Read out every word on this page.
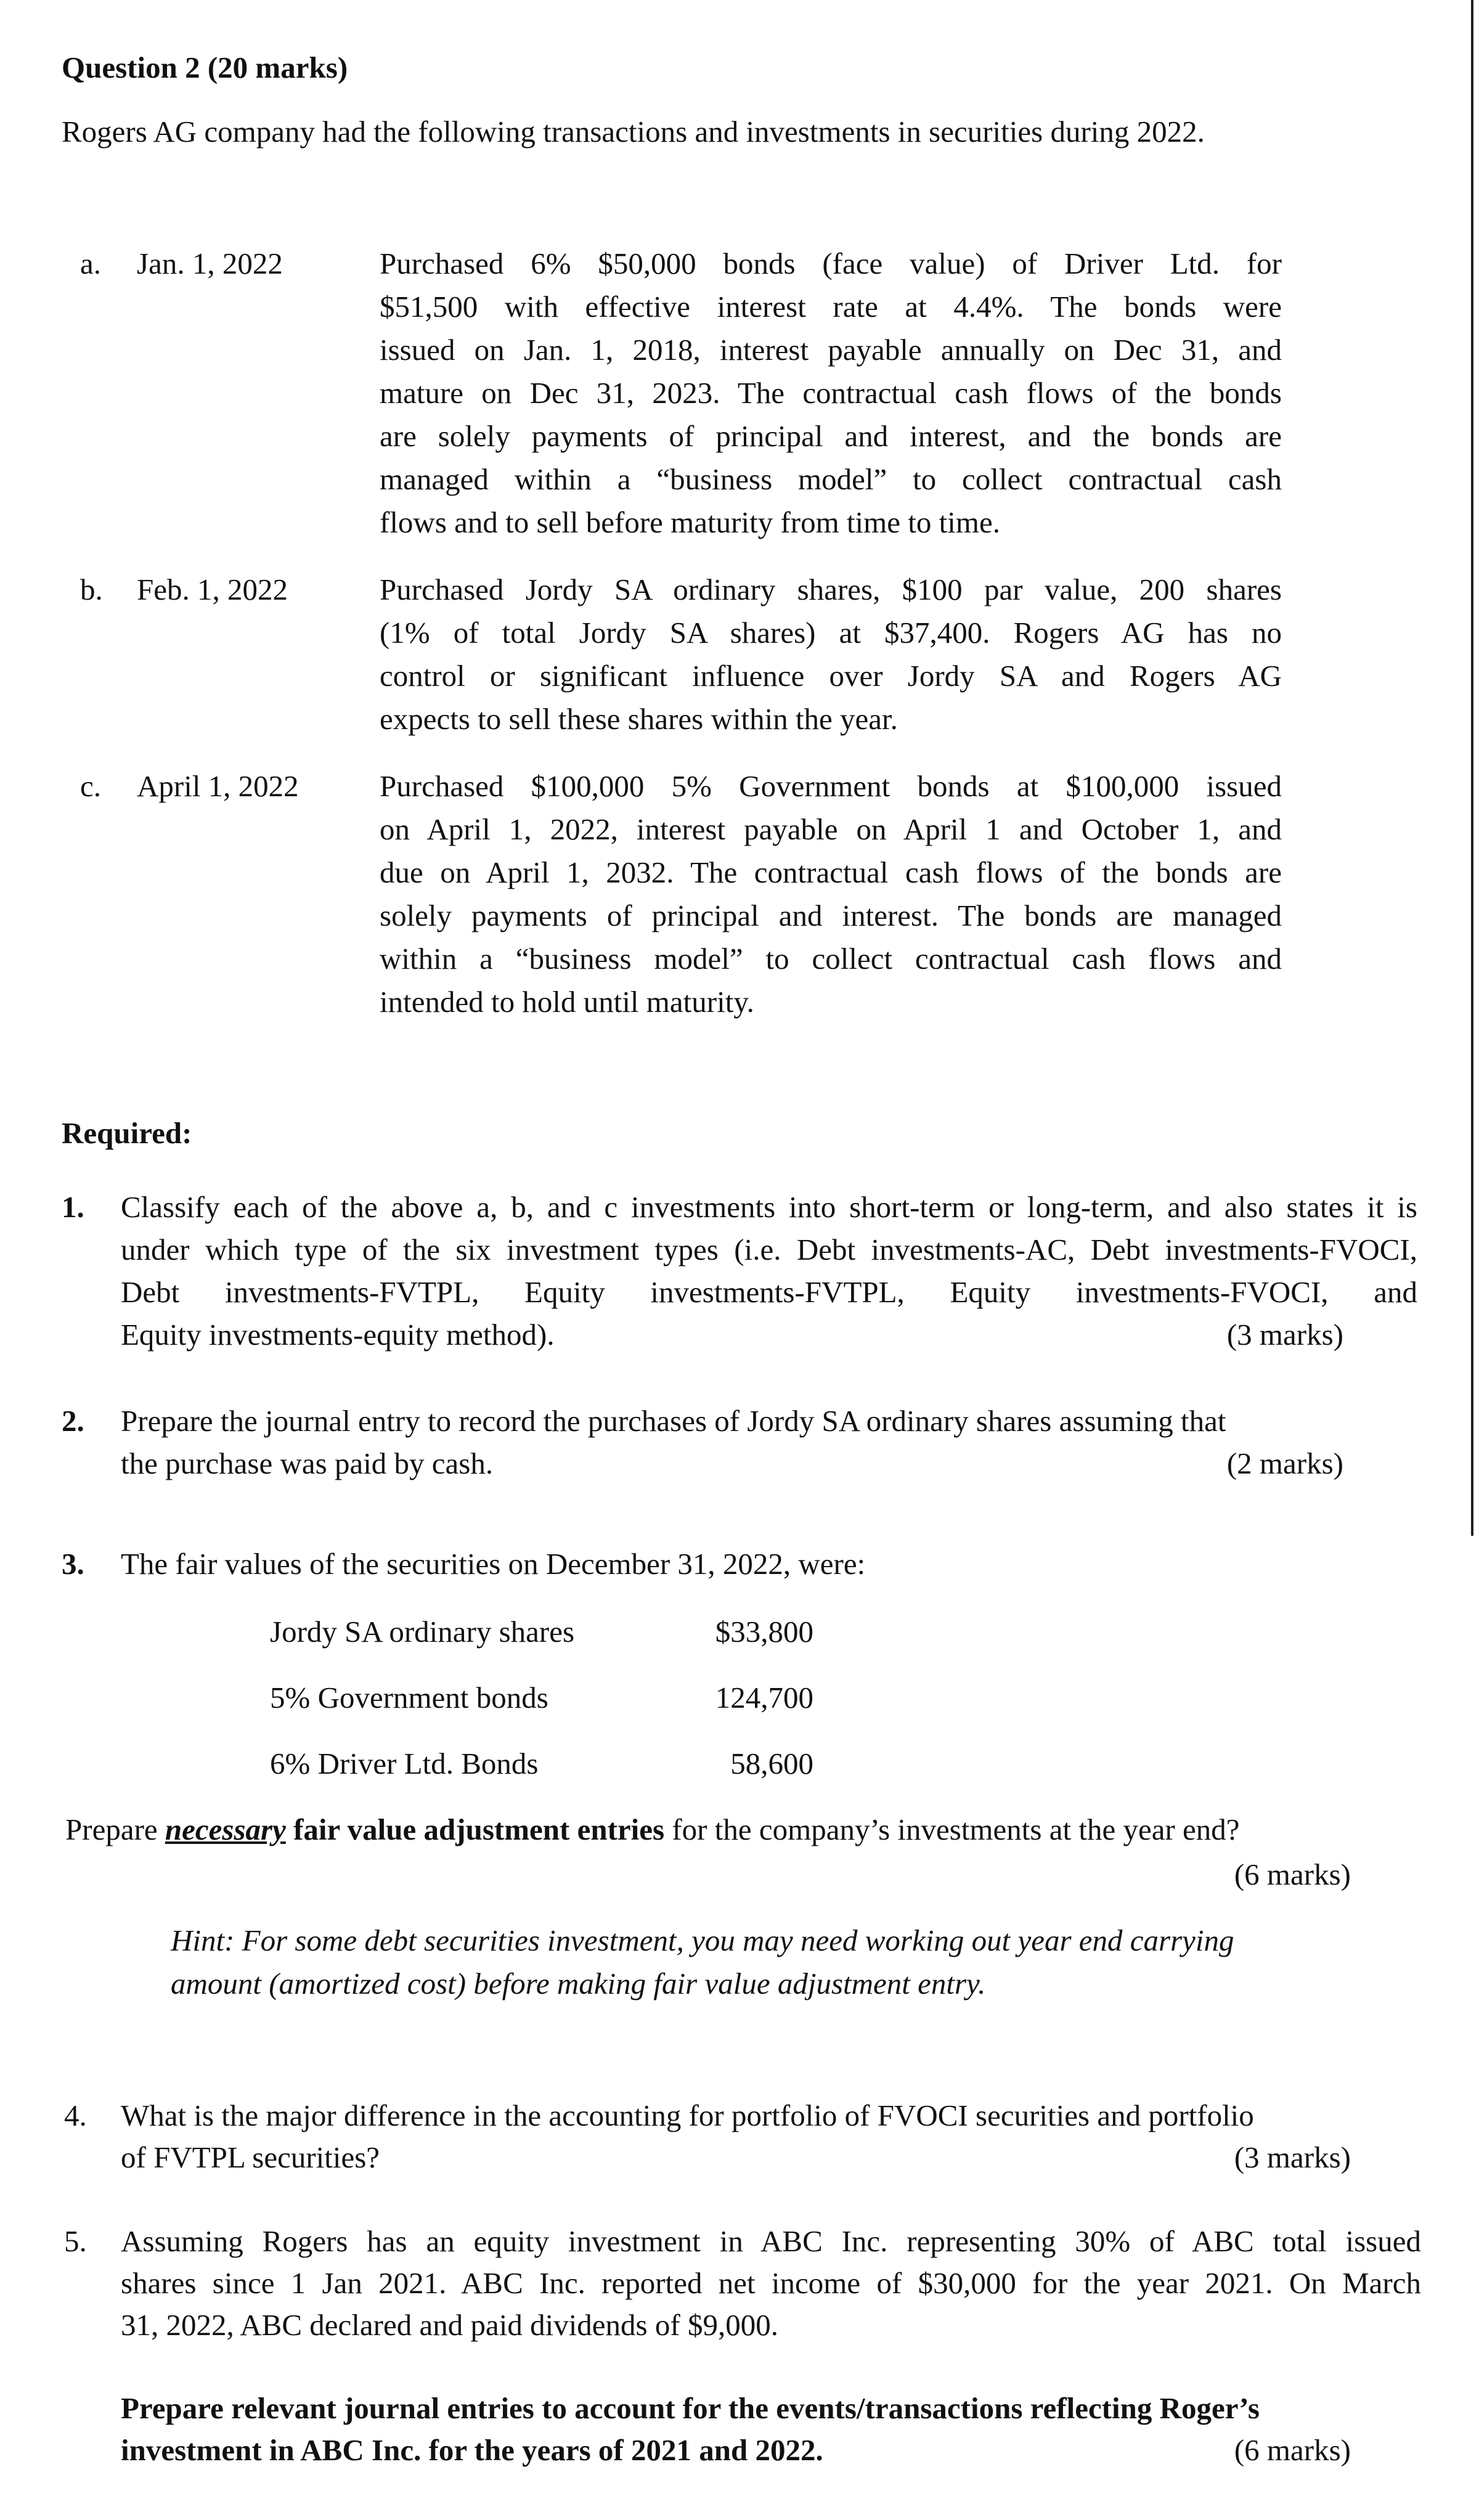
Question 2 (20 marks)
Rogers AG company had the following transactions and investments in securities during 2022.
a. Jan. 1, 2022	Purchased 6% $50,000 bonds (face value) of Driver Ltd. for
$51,500 with effective interest rate at 4.4%. The bonds were
issued on Jan. 1, 2018, interest payable annually on Dec 31, and
mature on Dec 31, 2023. The contractual cash flows of the bonds
are solely payments of principal and interest, and the bonds are
managed within a “business model” to collect contractual cash
flows and to sell before maturity from time to time.
b. Feb. 1, 2022	Purchased Jordy SA ordinary shares, $100 par value, 200 shares
(1% of total Jordy SA shares) at $37,400. Rogers AG has no
control or significant influence over Jordy SA and Rogers AG
expects to sell these shares within the year.
c. April 1, 2022	Purchased $100,000 5% Government bonds at $100,000 issued
on April 1, 2022, interest payable on April 1 and October 1, and
due on April 1, 2032. The contractual cash flows of the bonds are
solely payments of principal and interest. The bonds are managed
within a “business model” to collect contractual cash flows and
intended to hold until maturity.
Required:
1. Classify each of the above a, b, and c investments into short-term or long-term, and also states it is
under which type of the six investment types (i.e. Debt investments-AC, Debt investments-FVOCI,
Debt investments-FVTPL, Equity investments-FVTPL, Equity investments-FVOCI, and
Equity investments-equity method).	(3 marks)
2. Prepare the journal entry to record the purchases of Jordy SA ordinary shares assuming that
the purchase was paid by cash.	(2 marks)
3. The fair values of the securities on December 31, 2022, were:
Jordy SA ordinary shares	$33,800
5% Government bonds	124,700
6% Driver Ltd. Bonds	58,600
Prepare necessary fair value adjustment entries for the company’s investments at the year end?
(6 marks)
Hint: For some debt securities investment, you may need working out year end carrying
amount (amortized cost) before making fair value adjustment entry.
4. What is the major difference in the accounting for portfolio of FVOCI securities and portfolio
of FVTPL securities?	(3 marks)
5. Assuming Rogers has an equity investment in ABC Inc. representing 30% of ABC total issued
shares since 1 Jan 2021. ABC Inc. reported net income of $30,000 for the year 2021. On March
31, 2022, ABC declared and paid dividends of $9,000.
Prepare relevant journal entries to account for the events/transactions reflecting Roger’s
investment in ABC Inc. for the years of 2021 and 2022.	(6 marks)
